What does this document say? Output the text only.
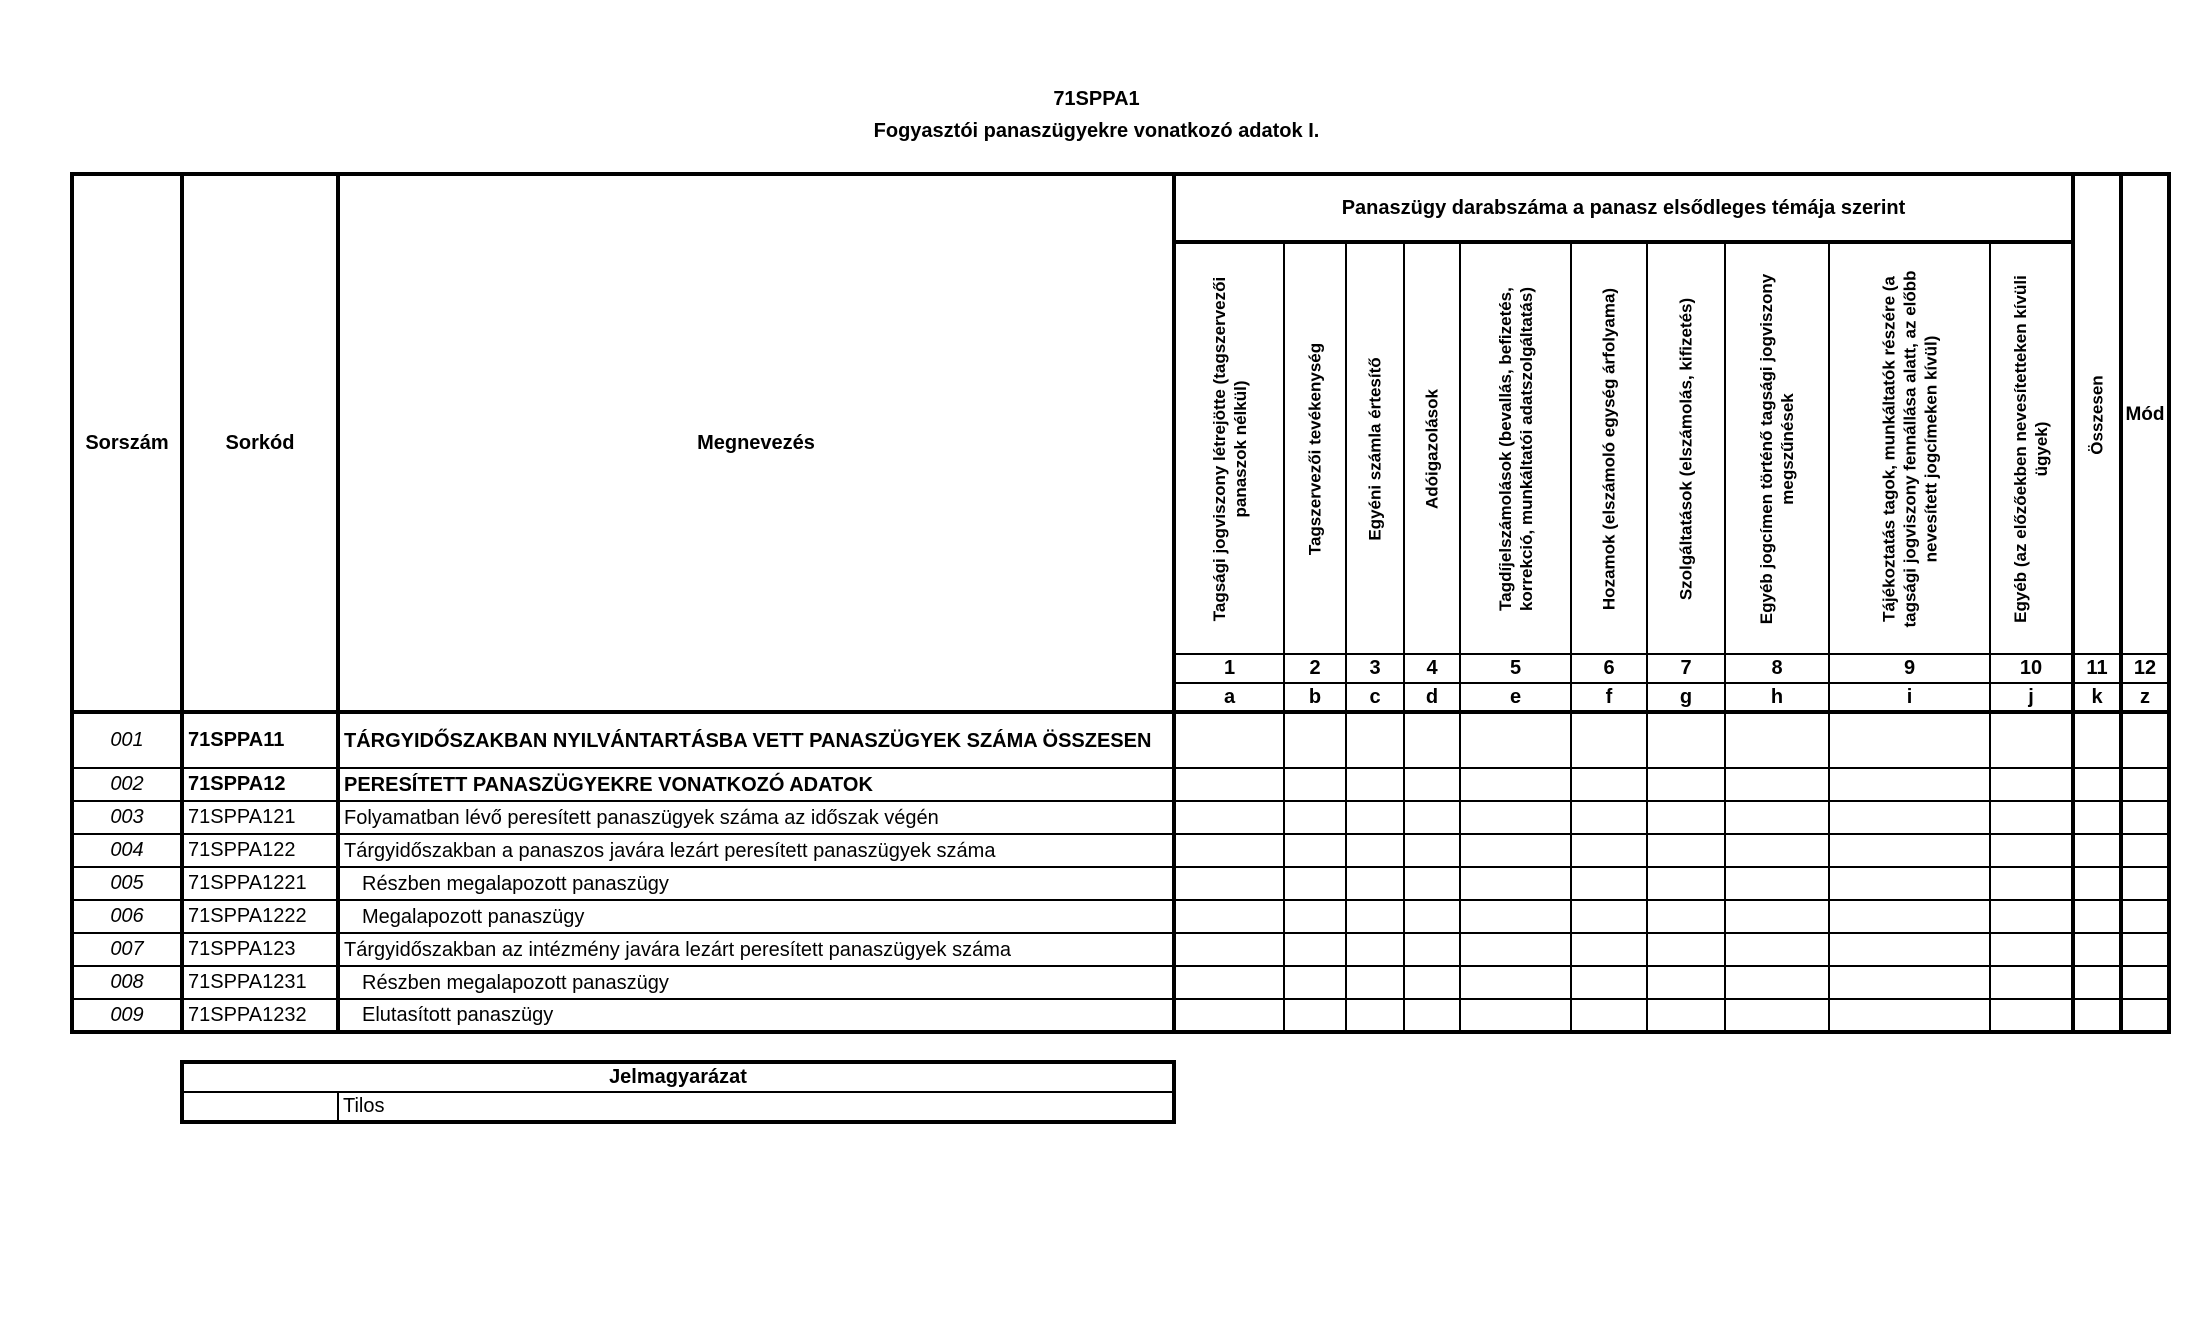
71SPPA1
Fogyasztói panaszügyekre vonatkozó adatok I.
Sorszám	Sorkód	Megnevezés	Panaszügy darabszáma a panasz elsődleges témája szerint										Összesen	Mód

			Tagsági jogviszony létrejötte (tagszervezői panaszok nélkül)	Tagszervezői tevékenység	Egyéni számla értesítő	Adóigazolások	Tagdíjelszámolások (bevallás, befizetés, korrekció, munkáltatói adatszolgáltatás)	Hozamok (elszámoló egység árfolyama)	Szolgáltatások (elszámolás, kifizetés)	Egyéb jogcímen történő tagsági jogviszony megszűnések	Tájékoztatás tagok, munkáltatók részére (a tagsági jogviszony fennállása alatt, az előbb nevesített jogcímeken kívül)	Egyéb (az előzőekben nevesítetteken kívüli ügyek)		

			1	2	3	4	5	6	7	8	9	10	11	12
			a	b	c	d	e	f	g	h	i	j	k	z
001	71SPPA11	TÁRGYIDŐSZAKBAN NYILVÁNTARTÁSBA VETT PANASZÜGYEK SZÁMA ÖSSZESEN												
002	71SPPA12	PERESÍTETT PANASZÜGYEKRE VONATKOZÓ ADATOK												
003	71SPPA121	Folyamatban lévő peresített panaszügyek száma az időszak végén												
004	71SPPA122	Tárgyidőszakban a panaszos javára lezárt peresített panaszügyek száma												
005	71SPPA1221	Részben megalapozott panaszügy												
006	71SPPA1222	Megalapozott panaszügy												
007	71SPPA123	Tárgyidőszakban az intézmény javára lezárt peresített panaszügyek száma												
008	71SPPA1231	Részben megalapozott panaszügy												
009	71SPPA1232	Elutasított panaszügy												
Jelmagyarázat
	Tilos
